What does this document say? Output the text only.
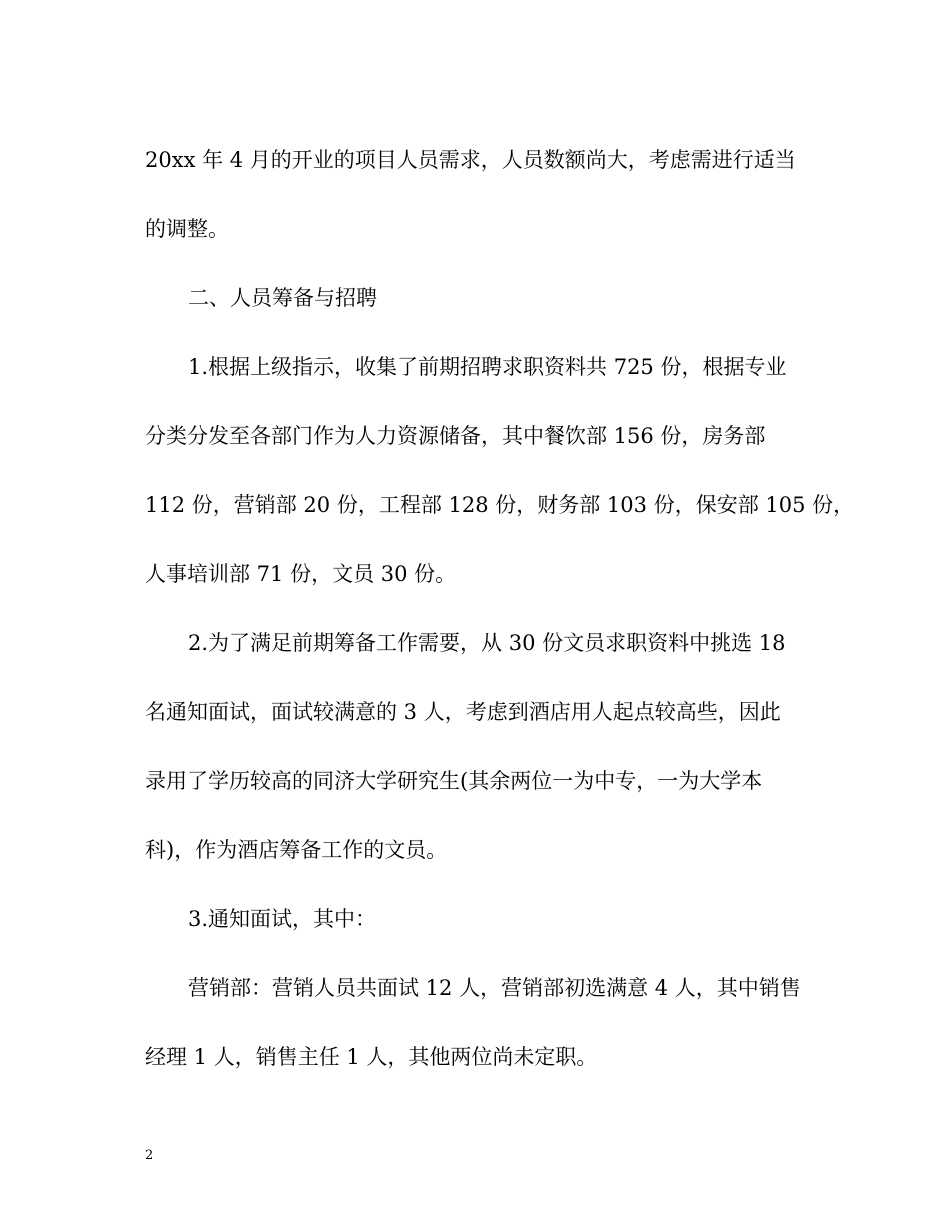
20xx 年 4 月的开业的项目人员需求，人员数额尚大，考虑需进行适当
的调整。
二、人员筹备与招聘
1.根据上级指示，收集了前期招聘求职资料共 725 份，根据专业
分类分发至各部门作为人力资源储备，其中餐饮部 156 份，房务部
112 份，营销部 20 份，工程部 128 份，财务部 103 份，保安部 105 份，
人事培训部 71 份，文员 30 份。
2.为了满足前期筹备工作需要，从 30 份文员求职资料中挑选 18
名通知面试，面试较满意的 3 人，考虑到酒店用人起点较高些，因此
录用了学历较高的同济大学研究生(其余两位一为中专，一为大学本
科)，作为酒店筹备工作的文员。
3.通知面试，其中：
营销部：营销人员共面试 12 人，营销部初选满意 4 人，其中销售
经理 1 人，销售主任 1 人，其他两位尚未定职。
2
